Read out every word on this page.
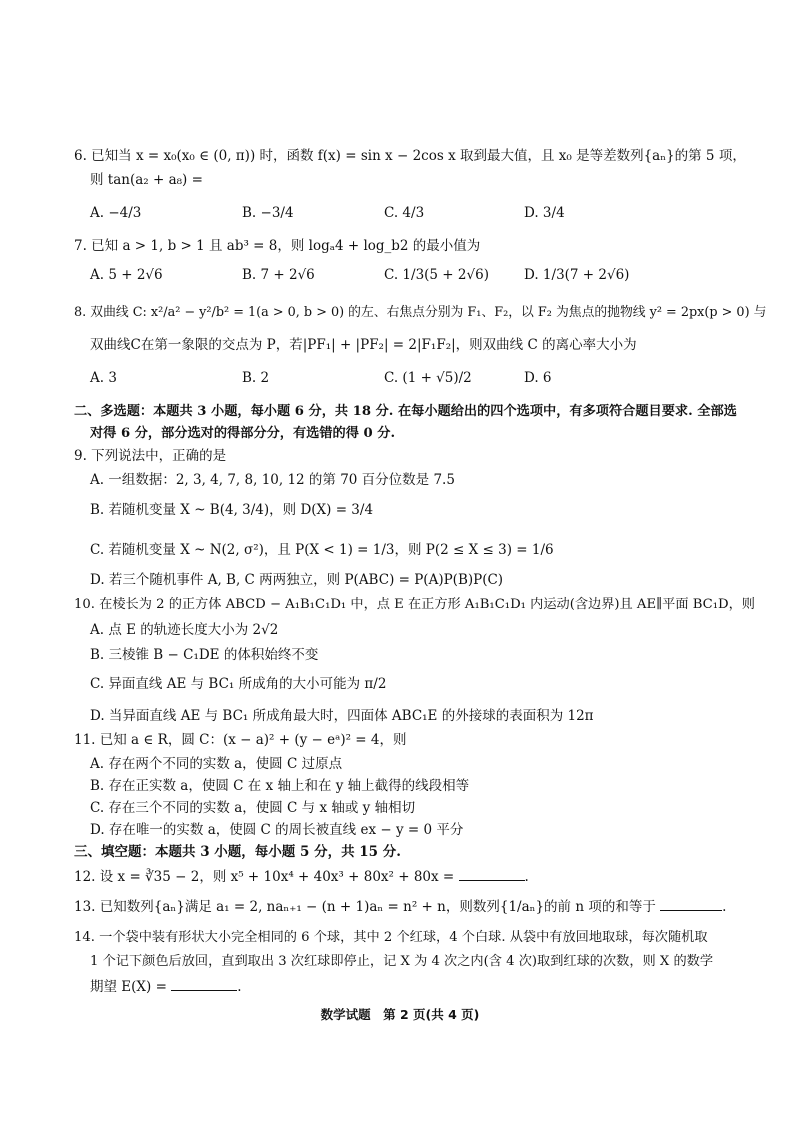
6. 已知当 x = x₀(x₀ ∈ (0, π)) 时，函数 f(x) = sin x − 2cos x 取到最大值，且 x₀ 是等差数列{aₙ}的第 5 项，
则 tan(a₂ + a₈) =
A. −4/3	B. −3/4	C. 4/3	D. 3/4
7. 已知 a > 1, b > 1 且 ab³ = 8，则 logₐ4 + log_b2 的最小值为
A. 5 + 2√6	B. 7 + 2√6	C. 1/3(5 + 2√6)	D. 1/3(7 + 2√6)
8. 双曲线 C: x²/a² − y²/b² = 1(a > 0, b > 0) 的左、右焦点分别为 F₁、F₂，以 F₂ 为焦点的抛物线 y² = 2px(p > 0) 与
双曲线C在第一象限的交点为 P，若|PF₁| + |PF₂| = 2|F₁F₂|，则双曲线 C 的离心率大小为
A. 3	B. 2	C. (1 + √5)/2	D. 6
二、多选题：本题共 3 小题，每小题 6 分，共 18 分. 在每小题给出的四个选项中，有多项符合题目要求. 全部选
对得 6 分，部分选对的得部分分，有选错的得 0 分.
9. 下列说法中，正确的是
A. 一组数据：2, 3, 4, 7, 8, 10, 12 的第 70 百分位数是 7.5
B. 若随机变量 X ~ B(4, 3/4)，则 D(X) = 3/4
C. 若随机变量 X ~ N(2, σ²)，且 P(X < 1) = 1/3，则 P(2 ≤ X ≤ 3) = 1/6
D. 若三个随机事件 A, B, C 两两独立，则 P(ABC) = P(A)P(B)P(C)
10. 在棱长为 2 的正方体 ABCD − A₁B₁C₁D₁ 中，点 E 在正方形 A₁B₁C₁D₁ 内运动(含边界)且 AE∥平面 BC₁D，则
A. 点 E 的轨迹长度大小为 2√2
B. 三棱锥 B − C₁DE 的体积始终不变
C. 异面直线 AE 与 BC₁ 所成角的大小可能为 π/2
D. 当异面直线 AE 与 BC₁ 所成角最大时，四面体 ABC₁E 的外接球的表面积为 12π
11. 已知 a ∈ R，圆 C：(x − a)² + (y − eᵃ)² = 4，则
A. 存在两个不同的实数 a，使圆 C 过原点
B. 存在正实数 a，使圆 C 在 x 轴上和在 y 轴上截得的线段相等
C. 存在三个不同的实数 a，使圆 C 与 x 轴或 y 轴相切
D. 存在唯一的实数 a，使圆 C 的周长被直线 ex − y = 0 平分
三、填空题：本题共 3 小题，每小题 5 分，共 15 分.
12. 设 x = ∛35 − 2，则 x⁵ + 10x⁴ + 40x³ + 80x² + 80x =	.
13. 已知数列{aₙ}满足 a₁ = 2, naₙ₊₁ − (n + 1)aₙ = n² + n，则数列{1/aₙ}的前 n 项的和等于	.
14. 一个袋中装有形状大小完全相同的 6 个球，其中 2 个红球，4 个白球. 从袋中有放回地取球，每次随机取
1 个记下颜色后放回，直到取出 3 次红球即停止，记 X 为 4 次之内(含 4 次)取到红球的次数，则 X 的数学
期望 E(X) =	.
数学试题　第 2 页(共 4 页)
